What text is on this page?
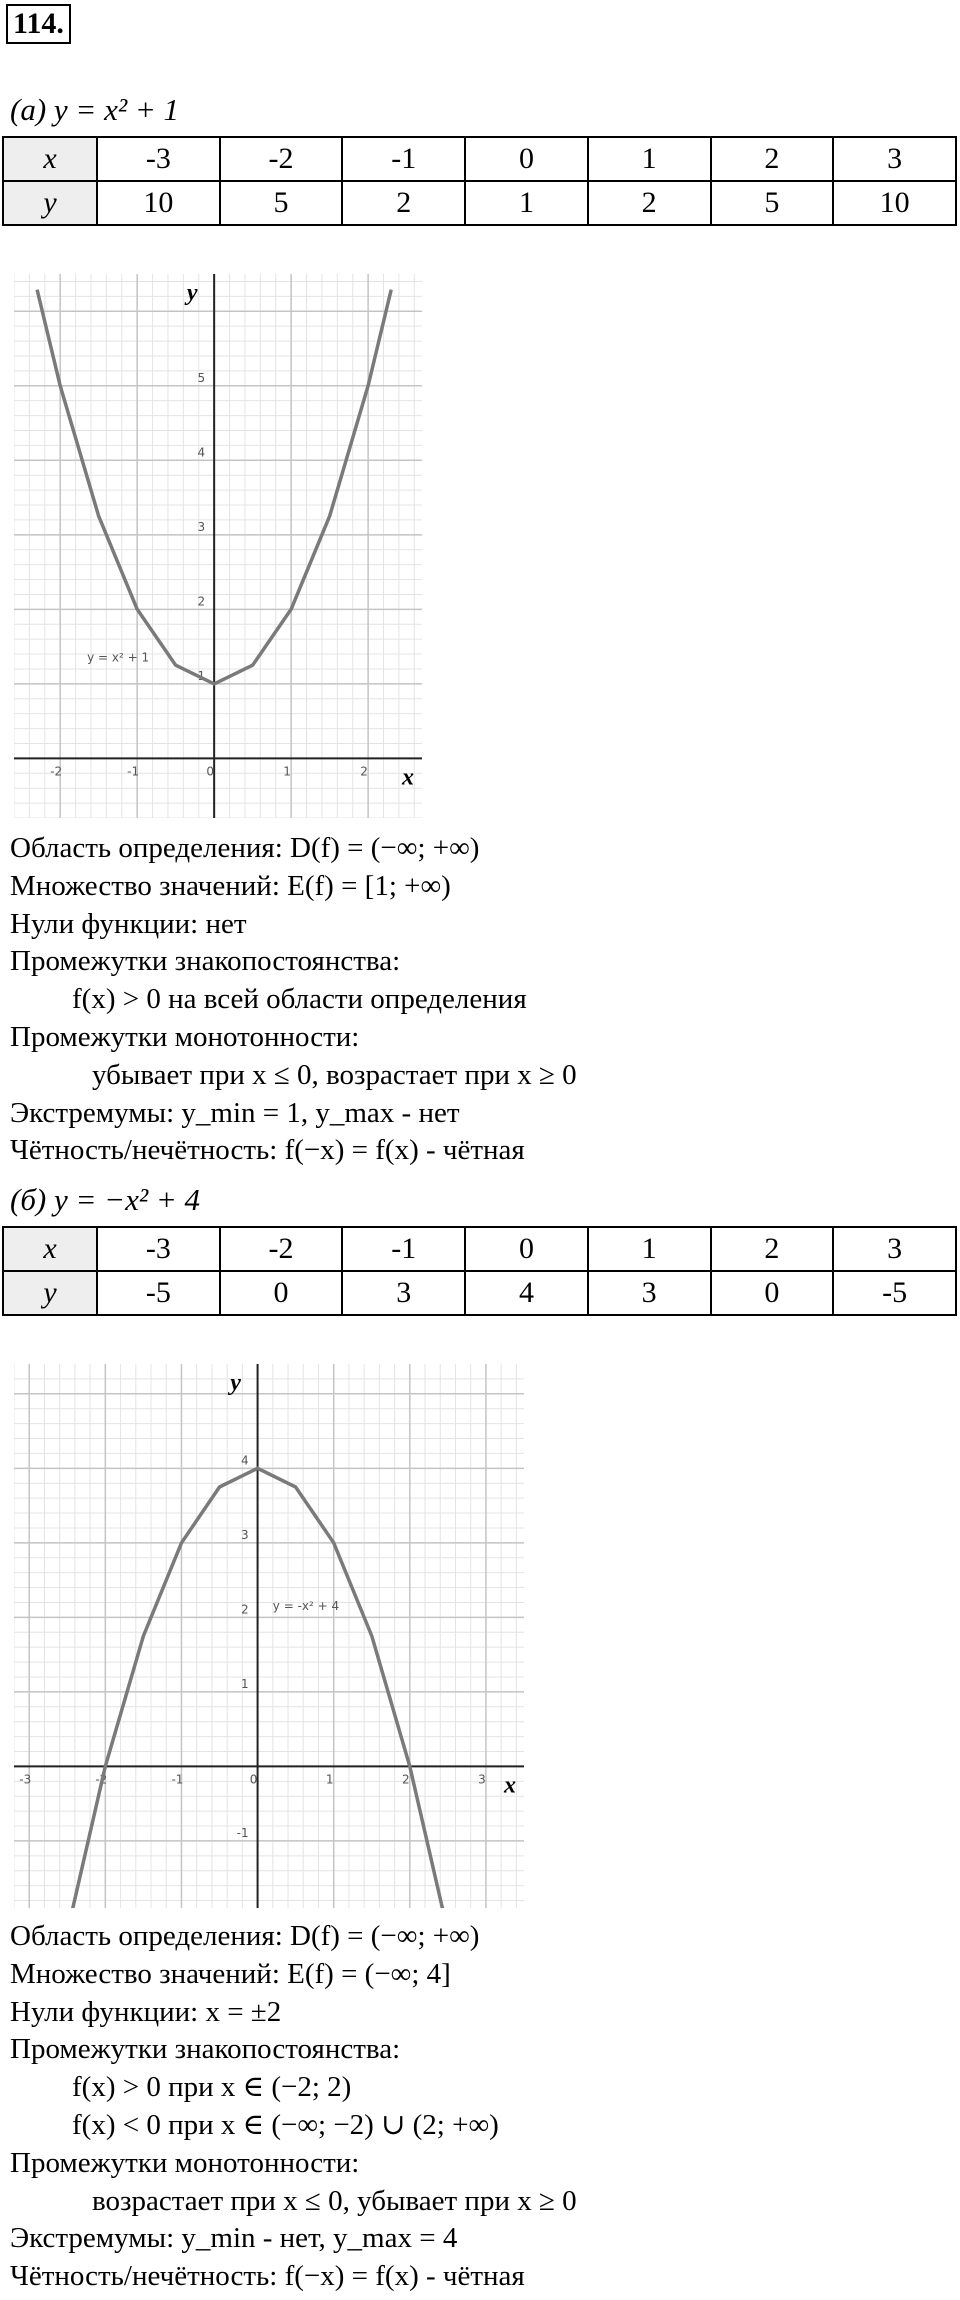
114.
(а) y = x² + 1
x	-3	-2	-1	0	1	2	3
y	10	5	2	1	2	5	10
-2	-1	0	1	2
1
2
3
4
5
x
y
y = x² + 1
Область определения: D(f) = (−∞; +∞)
Множество значений: E(f) = [1; +∞)
Нули функции: нет
Промежутки знакопостоянства:
f(x) > 0 на всей области определения
Промежутки монотонности:
убывает при x ≤ 0, возрастает при x ≥ 0
Экстремумы: y_min = 1, y_max - нет
Чётность/нечётность: f(−x) = f(x) - чётная
(б) y = −x² + 4
x	-3	-2	-1	0	1	2	3
y	-5	0	3	4	3	0	-5
-3	-2	-1	0	1	2	3
-1
1
2
3
4
x
y
y = -x² + 4
Область определения: D(f) = (−∞; +∞)
Множество значений: E(f) = (−∞; 4]
Нули функции: x = ±2
Промежутки знакопостоянства:
f(x) > 0 при x ∈ (−2; 2)
f(x) < 0 при x ∈ (−∞; −2) ∪ (2; +∞)
Промежутки монотонности:
возрастает при x ≤ 0, убывает при x ≥ 0
Экстремумы: y_min - нет, y_max = 4
Чётность/нечётность: f(−x) = f(x) - чётная
